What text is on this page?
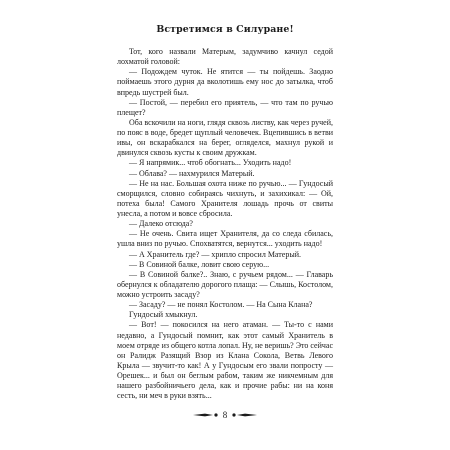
Встретимся в Силуране!

Тот, кого назвали Матерым, задумчиво качнул седой лохматой головой:

— Подождем чуток. Не ятится — ты пойдешь. Заодно поймаешь этого дурня да вколотишь ему нос до затылка, чтоб впредь шустрей был.

— Постой, — перебил его приятель, — что там по ручью плещет?

Оба вскочили на ноги, глядя сквозь листву, как через ручей, по пояс в воде, бредет щуплый человечек. Вцепившись в ветви ивы, он вскарабкался на берег, огляделся, махнул рукой и двинулся сквозь кусты к своим дружкам.

— Я напрямик... чтоб обогнать... Уходить надо!

— Облава? — нахмурился Матерый.

— Не на нас. Большая охота ниже по ручью... — Гундосый сморщился, словно собираясь чихнуть, и захихикал: — Ой, потеха была! Самого Хранителя лошадь прочь от свиты унесла, а потом и вовсе сбросила.

— Далеко отсюда?

— Не очень. Свита ищет Хранителя, да со следа сбилась, ушла вниз по ручью. Спохватятся, вернутся... уходить надо!

— А Хранитель где? — хрипло спросил Матерый.

— В Совиной балке, ловит свою серую...

— В Совиной балке?.. Знаю, с ручьем рядом... — Главарь обернулся к обладателю дорогого плаща: — Слышь, Костолом, можно устроить засаду?

— Засаду? — не понял Костолом. — На Сына Клана?

Гундосый хмыкнул.

— Вот! — покосился на него атаман. — Ты-то с нами недавно, а Гундосый помнит, как этот самый Хранитель в моем отряде из общего котла лопал. Ну, не веришь? Это сейчас он Ралидж Разящий Взор из Клана Сокола, Ветвь Левого Крыла — звучит-то как! А у Гундосым его звали попросту — Орешек... и был он беглым рабом, таким же никчемным для нашего разбойничьего дела, как и прочие рабы: ни на коня сесть, ни меч в руки взять...

8
